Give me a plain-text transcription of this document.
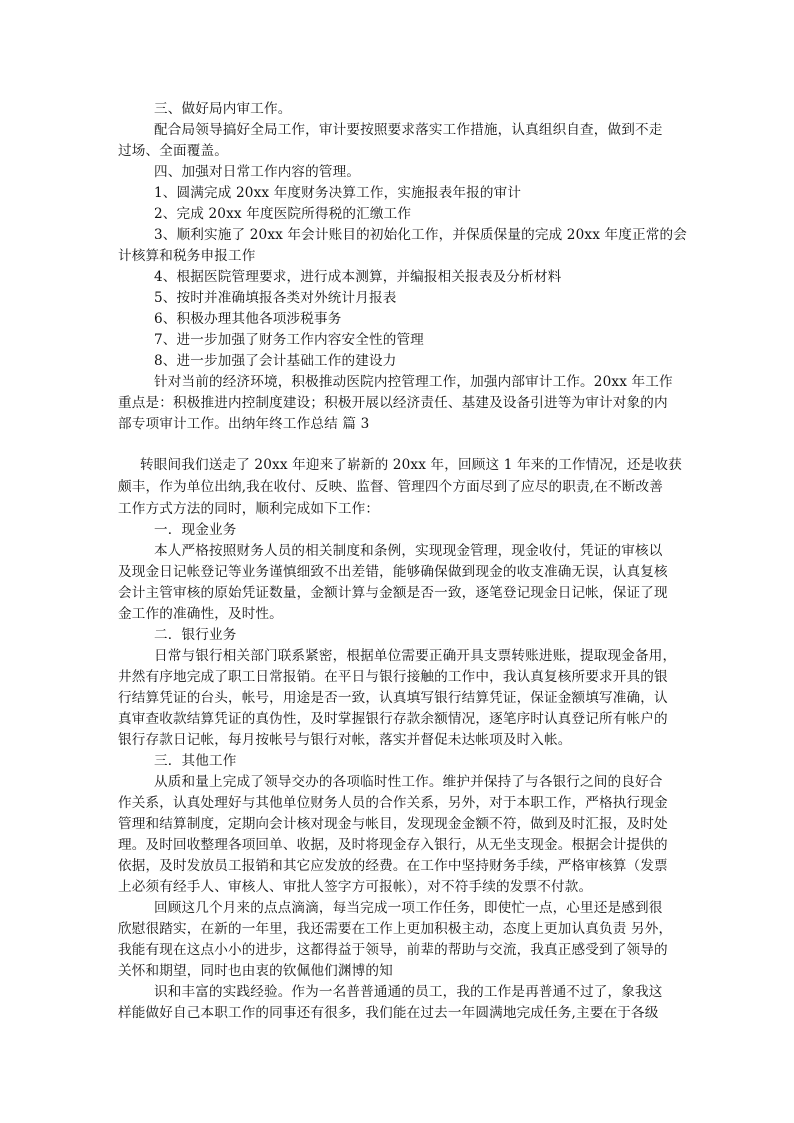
三、做好局内审工作。

配合局领导搞好全局工作，审计要按照要求落实工作措施，认真组织自查，做到不走

过场、全面覆盖。

四、加强对日常工作内容的管理。

1、圆满完成 20xx 年度财务决算工作，实施报表年报的审计

2、完成 20xx 年度医院所得税的汇缴工作

3、顺利实施了 20xx 年会计账目的初始化工作，并保质保量的完成 20xx 年度正常的会

计核算和税务申报工作

4、根据医院管理要求，进行成本测算，并编报相关报表及分析材料

5、按时并准确填报各类对外统计月报表

6、积极办理其他各项涉税事务

7、进一步加强了财务工作内容安全性的管理

8、进一步加强了会计基础工作的建设力

针对当前的经济环境，积极推动医院内控管理工作，加强内部审计工作。20xx 年工作

重点是：积极推进内控制度建设；积极开展以经济责任、基建及设备引进等为审计对象的内

部专项审计工作。出纳年终工作总结 篇 3

转眼间我们送走了 20xx 年迎来了崭新的 20xx 年，回顾这 1 年来的工作情况，还是收获

颇丰，作为单位出纳,我在收付、反映、监督、管理四个方面尽到了应尽的职责,在不断改善

工作方式方法的同时，顺利完成如下工作：

一．现金业务

本人严格按照财务人员的相关制度和条例，实现现金管理，现金收付，凭证的审核以

及现金日记帐登记等业务谨慎细致不出差错，能够确保做到现金的收支准确无误，认真复核

会计主管审核的原始凭证数量，金额计算与金额是否一致，逐笔登记现金日记帐，保证了现

金工作的准确性，及时性。

二．银行业务

日常与银行相关部门联系紧密，根据单位需要正确开具支票转账进账，提取现金备用，

井然有序地完成了职工日常报销。在平日与银行接触的工作中，我认真复核所要求开具的银

行结算凭证的台头，帐号，用途是否一致，认真填写银行结算凭证，保证金额填写准确，认

真审查收款结算凭证的真伪性，及时掌握银行存款余额情况，逐笔序时认真登记所有帐户的

银行存款日记帐，每月按帐号与银行对帐，落实并督促未达帐项及时入帐。

三．其他工作

从质和量上完成了领导交办的各项临时性工作。维护并保持了与各银行之间的良好合

作关系，认真处理好与其他单位财务人员的合作关系，另外，对于本职工作，严格执行现金

管理和结算制度，定期向会计核对现金与帐目，发现现金金额不符，做到及时汇报，及时处

理。及时回收整理各项回单、收据，及时将现金存入银行，从无坐支现金。根据会计提供的

依据，及时发放员工报销和其它应发放的经费。在工作中坚持财务手续，严格审核算（发票

上必须有经手人、审核人、审批人签字方可报帐），对不符手续的发票不付款。

回顾这几个月来的点点滴滴，每当完成一项工作任务，即使忙一点，心里还是感到很

欣慰很踏实，在新的一年里，我还需要在工作上更加积极主动，态度上更加认真负责 另外，

我能有现在这点小小的进步，这都得益于领导，前辈的帮助与交流，我真正感受到了领导的

关怀和期望，同时也由衷的钦佩他们渊博的知

识和丰富的实践经验。作为一名普普通通的员工，我的工作是再普通不过了，象我这

样能做好自己本职工作的同事还有很多，我们能在过去一年圆满地完成任务,主要在于各级
